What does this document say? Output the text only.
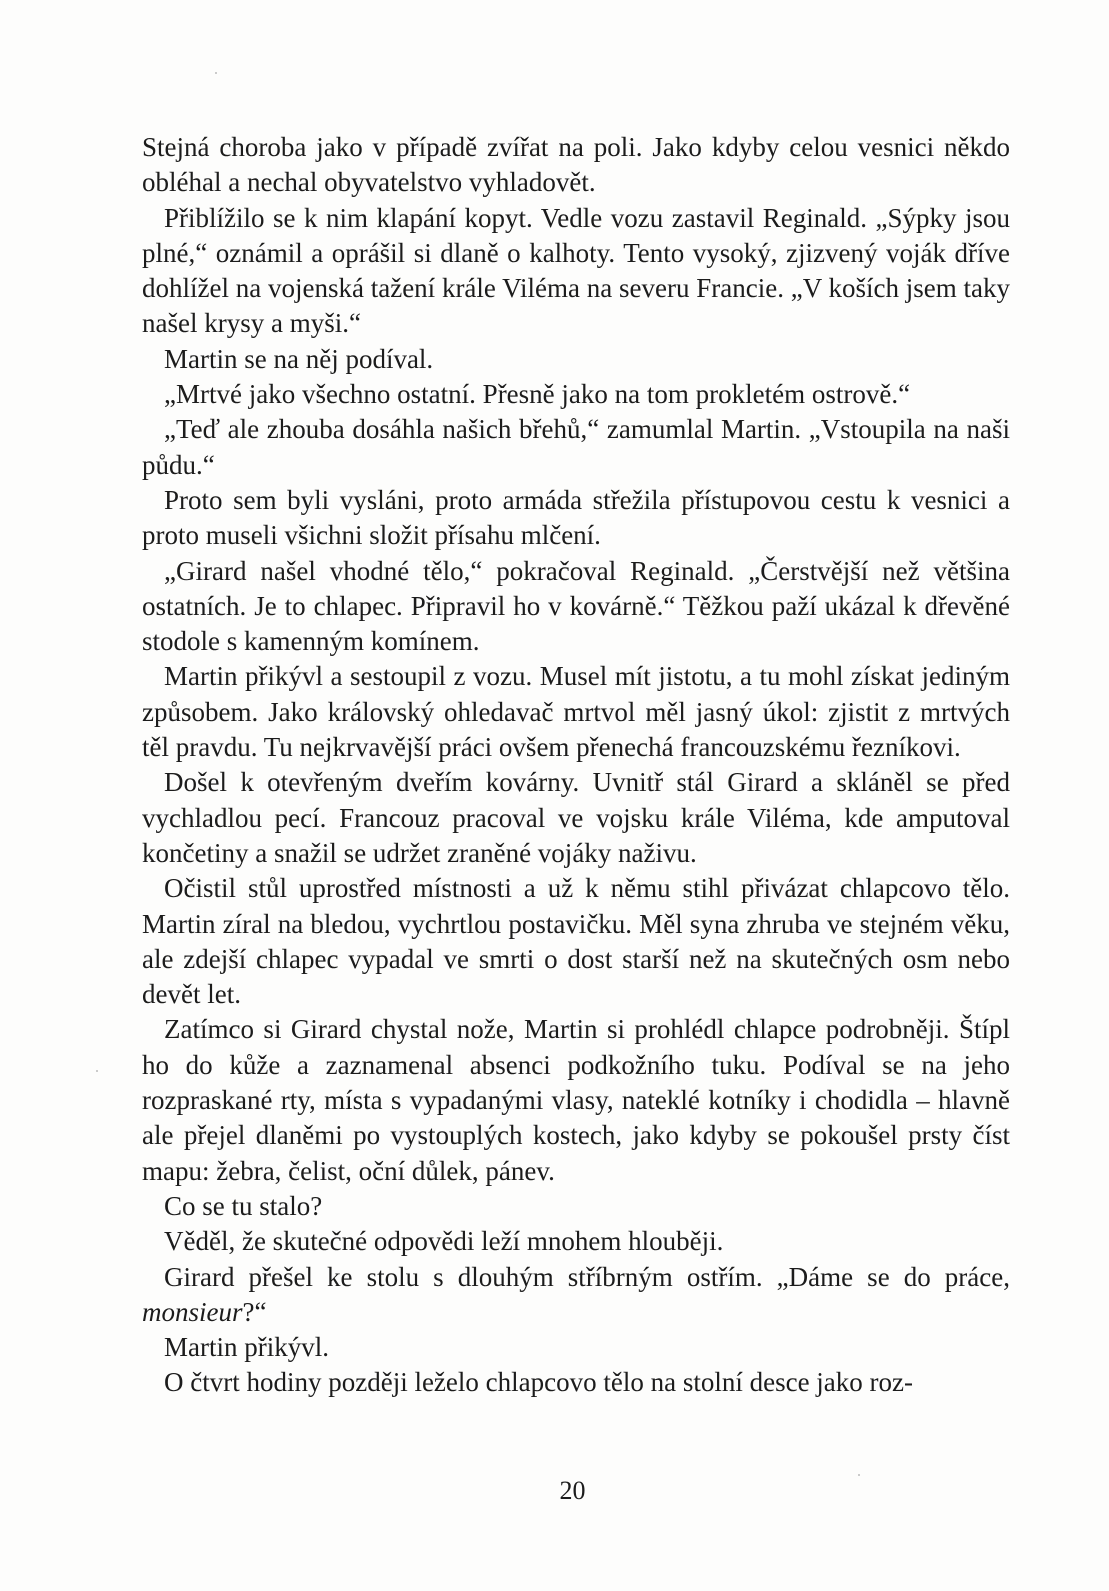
Stejná choroba jako v případě zvířat na poli. Jako kdyby celou vesnici někdo obléhal a nechal obyvatelstvo vyhladovět.

Přiblížilo se k nim klapání kopyt. Vedle vozu zastavil Reginald. „Sýpky jsou plné,“ oznámil a oprášil si dlaně o kalhoty. Tento vysoký, zjizvený voják dříve dohlížel na vojenská tažení krále Viléma na severu Francie. „V koších jsem taky našel krysy a myši.“

Martin se na něj podíval.

„Mrtvé jako všechno ostatní. Přesně jako na tom prokletém ostrově.“

„Teď ale zhouba dosáhla našich břehů,“ zamumlal Martin. „Vstoupila na naši půdu.“

Proto sem byli vysláni, proto armáda střežila přístupovou cestu k vesnici a proto museli všichni složit přísahu mlčení.

„Girard našel vhodné tělo,“ pokračoval Reginald. „Čerstvější než většina ostatních. Je to chlapec. Připravil ho v kovárně.“ Těžkou paží ukázal k dřevěné stodole s kamenným komínem.

Martin přikývl a sestoupil z vozu. Musel mít jistotu, a tu mohl získat jediným způsobem. Jako královský ohledavač mrtvol měl jasný úkol: zjistit z mrtvých těl pravdu. Tu nejkrvavější práci ovšem přenechá francouzskému řezníkovi.

Došel k otevřeným dveřím kovárny. Uvnitř stál Girard a skláněl se před vychladlou pecí. Francouz pracoval ve vojsku krále Viléma, kde amputoval končetiny a snažil se udržet zraněné vojáky naživu.

Očistil stůl uprostřed místnosti a už k němu stihl přivázat chlapcovo tělo. Martin zíral na bledou, vychrtlou postavičku. Měl syna zhruba ve stejném věku, ale zdejší chlapec vypadal ve smrti o dost starší než na skutečných osm nebo devět let.

Zatímco si Girard chystal nože, Martin si prohlédl chlapce podrobněji. Štípl ho do kůže a zaznamenal absenci podkožního tuku. Podíval se na jeho rozpraskané rty, místa s vypadanými vlasy, nateklé kotníky i chodidla – hlavně ale přejel dlaněmi po vystouplých kostech, jako kdyby se pokoušel prsty číst mapu: žebra, čelist, oční důlek, pánev.

Co se tu stalo?

Věděl, že skutečné odpovědi leží mnohem hlouběji.

Girard přešel ke stolu s dlouhým stříbrným ostřím. „Dáme se do práce, monsieur?“

Martin přikývl.

O čtvrt hodiny později leželo chlapcovo tělo na stolní desce jako roz-

20
